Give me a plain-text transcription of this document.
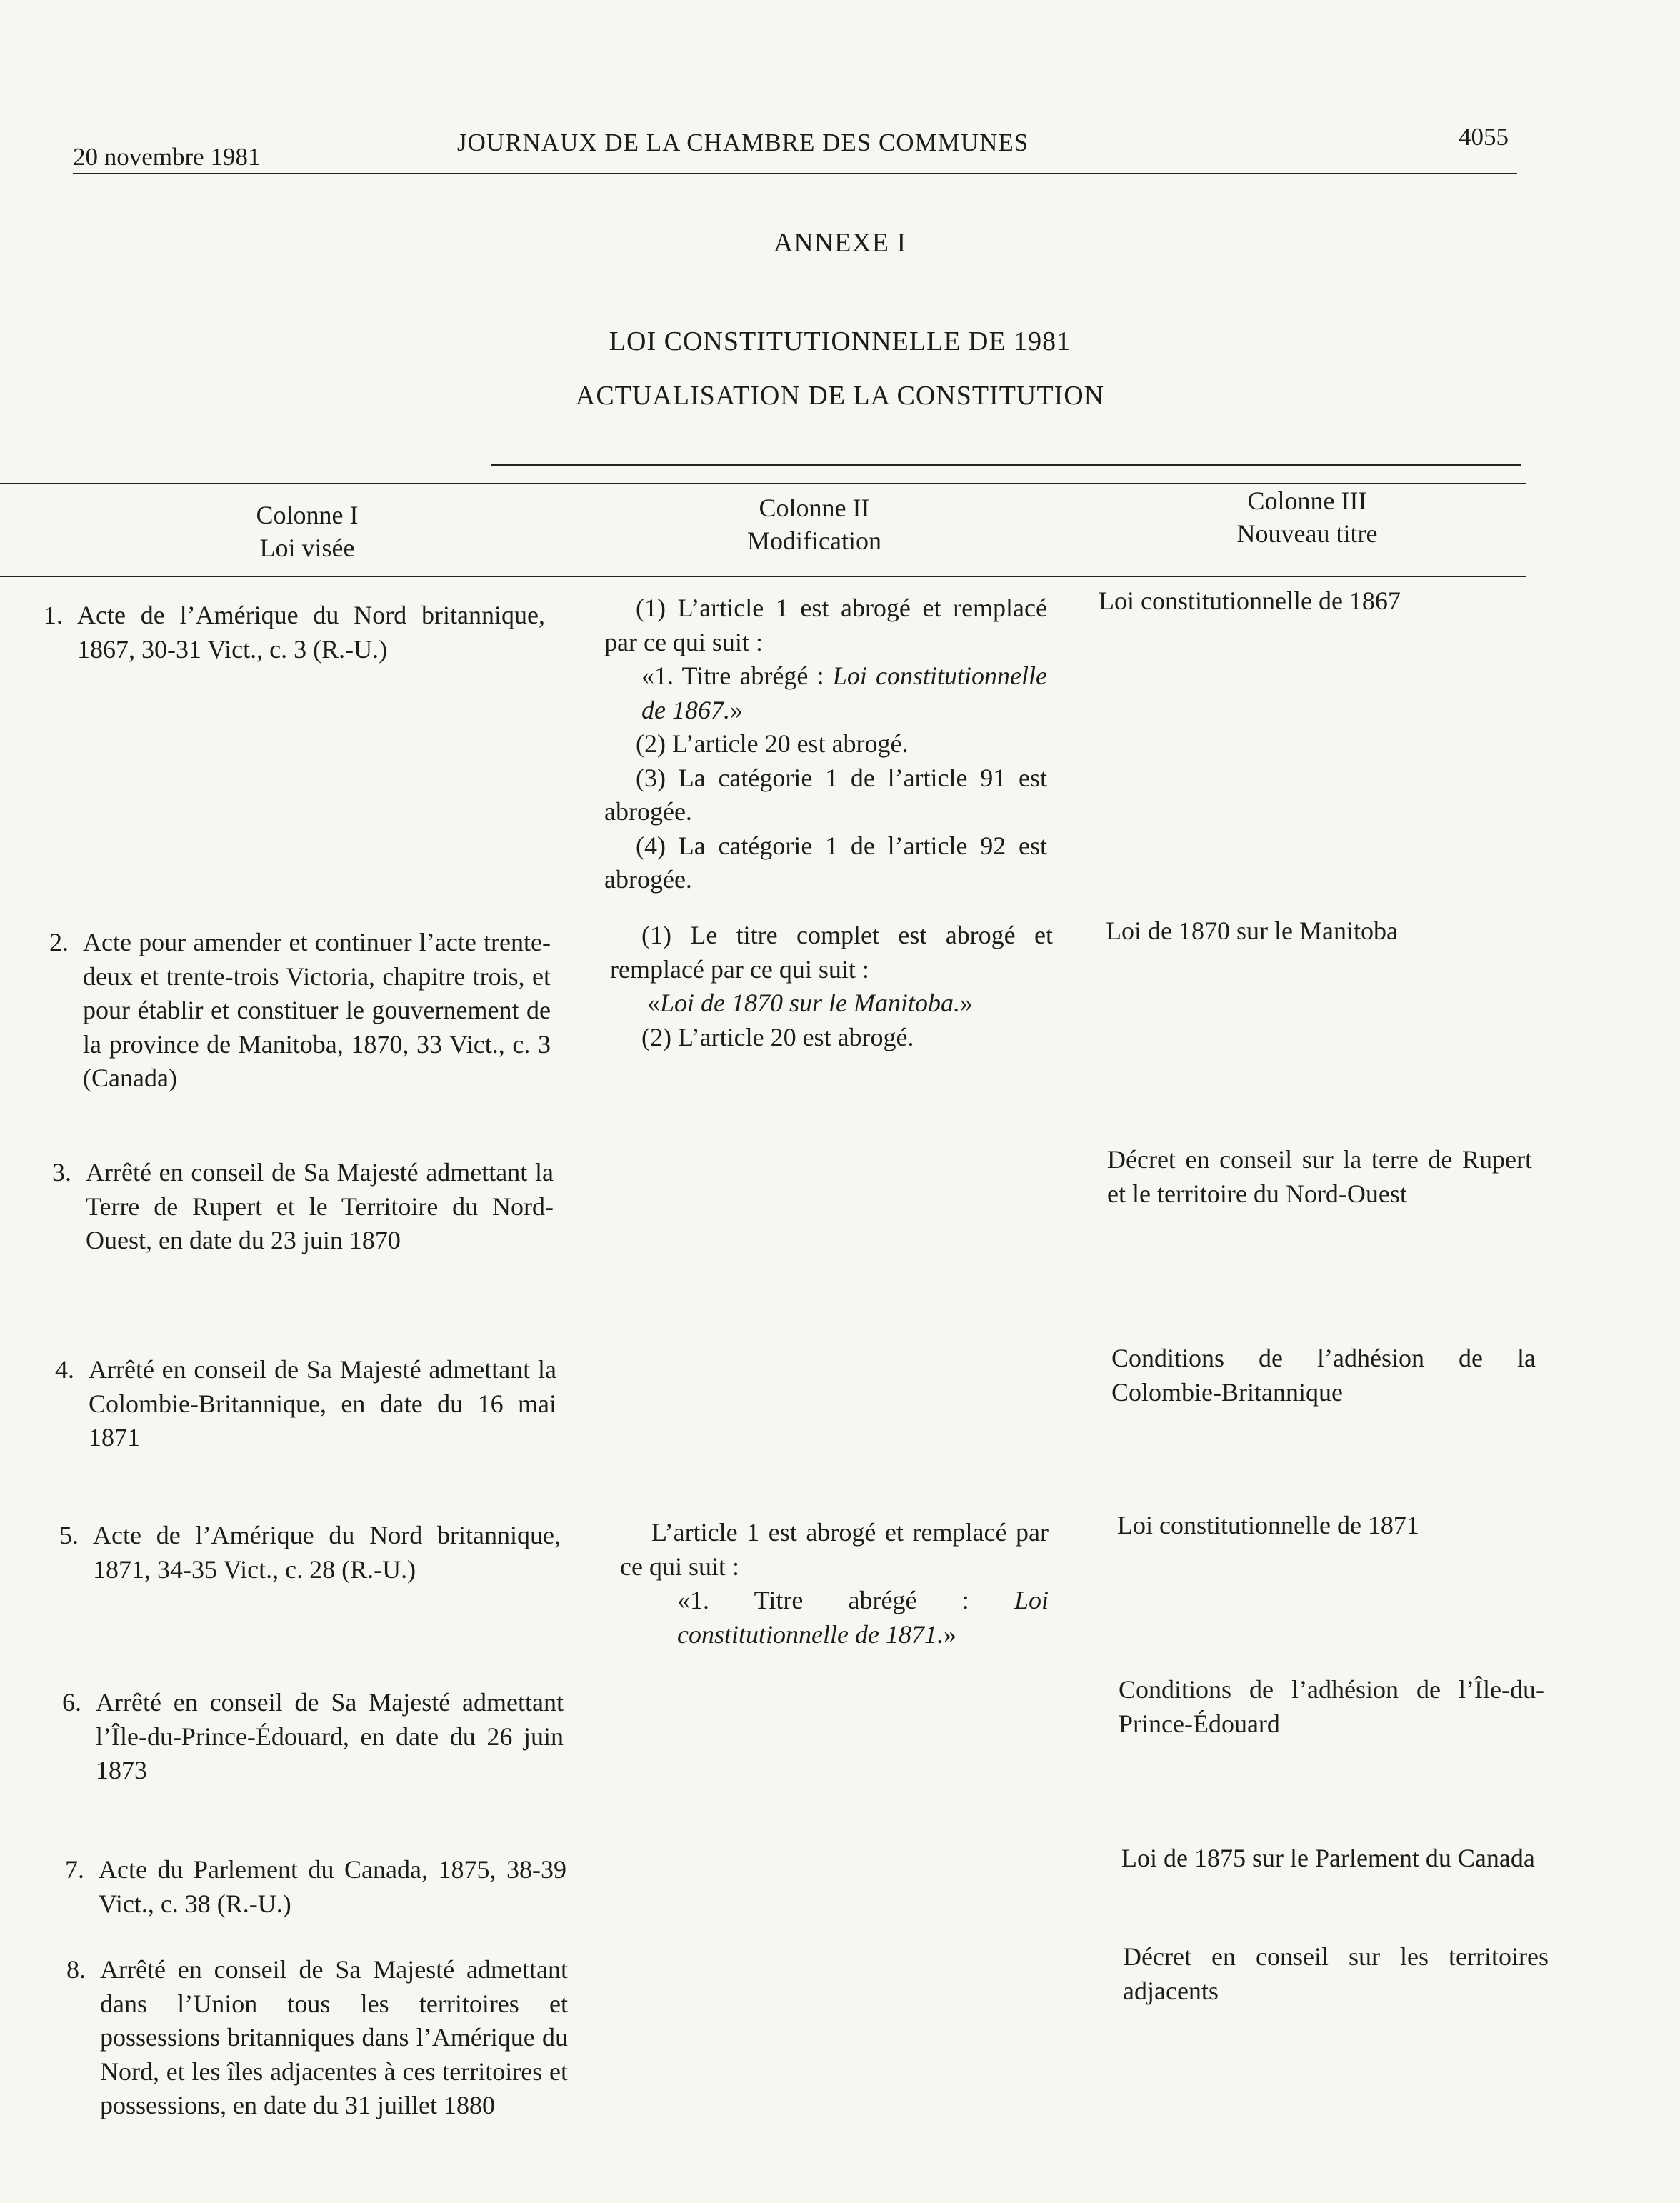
20 novembre 1981
JOURNAUX DE LA CHAMBRE DES COMMUNES	4055
ANNEXE I
LOI CONSTITUTIONNELLE DE 1981
ACTUALISATION DE LA CONSTITUTION
Colonne I
Loi visée
Colonne II
Modification
Colonne III
Nouveau titre
1. Acte de l’Amérique du Nord britannique, 1867, 30-31 Vict., c. 3 (R.-U.)
(1) L’article 1 est abrogé et remplacé par ce qui suit :
«1. Titre abrégé : Loi constitutionnelle de 1867.»
(2) L’article 20 est abrogé.
(3) La catégorie 1 de l’article 91 est abrogée.
(4) La catégorie 1 de l’article 92 est abrogée.
Loi constitutionnelle de 1867
2. Acte pour amender et continuer l’acte trente-deux et trente-trois Victoria, chapitre trois, et pour établir et constituer le gouvernement de la province de Manitoba, 1870, 33 Vict., c. 3 (Canada)
(1) Le titre complet est abrogé et remplacé par ce qui suit :
«Loi de 1870 sur le Manitoba.»
(2) L’article 20 est abrogé.
Loi de 1870 sur le Manitoba
3. Arrêté en conseil de Sa Majesté admettant la Terre de Rupert et le Territoire du Nord-Ouest, en date du 23 juin 1870
Décret en conseil sur la terre de Rupert et le territoire du Nord-Ouest
4. Arrêté en conseil de Sa Majesté admettant la Colombie-Britannique, en date du 16 mai 1871
Conditions de l’adhésion de la Colombie-Britannique
5. Acte de l’Amérique du Nord britannique, 1871, 34-35 Vict., c. 28 (R.-U.)
L’article 1 est abrogé et remplacé par ce qui suit :
«1. Titre abrégé : Loi constitutionnelle de 1871.»
Loi constitutionnelle de 1871
6. Arrêté en conseil de Sa Majesté admettant l’Île-du-Prince-Édouard, en date du 26 juin 1873
Conditions de l’adhésion de l’Île-du-Prince-Édouard
7. Acte du Parlement du Canada, 1875, 38-39 Vict., c. 38 (R.-U.)
Loi de 1875 sur le Parlement du Canada
8. Arrêté en conseil de Sa Majesté admettant dans l’Union tous les territoires et possessions britanniques dans l’Amérique du Nord, et les îles adjacentes à ces territoires et possessions, en date du 31 juillet 1880
Décret en conseil sur les territoires adjacents
